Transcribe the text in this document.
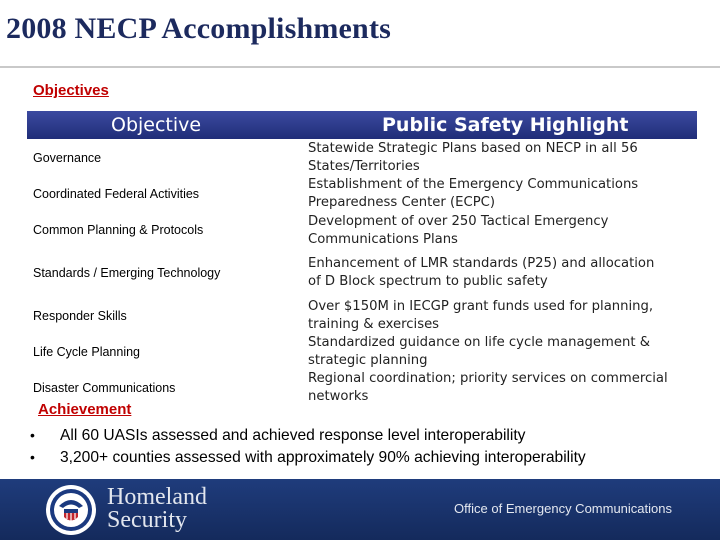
2008 NECP Accomplishments
Objectives
Objective	Public Safety Highlight
Governance
Coordinated Federal Activities
Common Planning & Protocols
Standards / Emerging Technology
Responder Skills
Life Cycle Planning
Disaster Communications
Statewide Strategic Plans based on NECP in all 56
States/Territories
Establishment of the Emergency Communications
Preparedness Center (ECPC)
Development of over 250 Tactical Emergency
Communications Plans
Enhancement of LMR standards (P25) and allocation
of D Block spectrum to public safety
Over $150M in IECGP grant funds used for planning,
training & exercises
Standardized guidance on life cycle management &
strategic planning
Regional coordination; priority services on commercial
networks
Achievement
• All 60 UASIs assessed and achieved response level interoperability
• 3,200+ counties assessed with approximately 90% achieving interoperability
Homeland
Security	Office of Emergency Communications
